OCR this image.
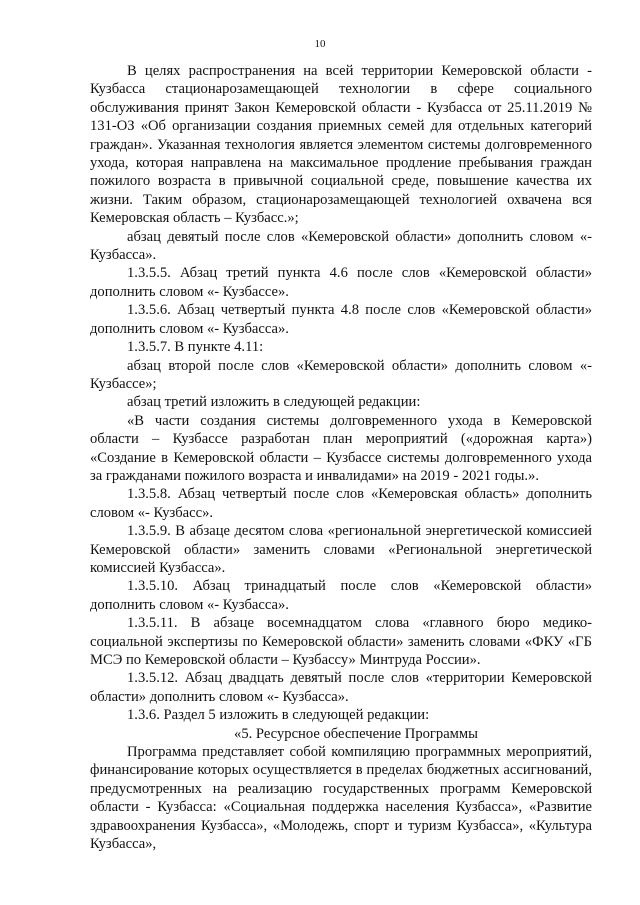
10

В целях распространения на всей территории Кемеровской области - Кузбасса стационарозамещающей технологии в сфере социального обслуживания принят Закон Кемеровской области - Кузбасса от 25.11.2019 № 131-ОЗ «Об организации создания приемных семей для отдельных категорий граждан». Указанная технология является элементом системы долговременного ухода, которая направлена на максимальное продление пребывания граждан пожилого возраста в привычной социальной среде, повышение качества их жизни. Таким образом, стационарозамещающей технологией охвачена вся Кемеровская область – Кузбасс.»;

абзац девятый после слов «Кемеровской области» дополнить словом «- Кузбасса».

1.3.5.5. Абзац третий пункта 4.6 после слов «Кемеровской области» дополнить словом «- Кузбассе».

1.3.5.6. Абзац четвертый пункта 4.8 после слов «Кемеровской области» дополнить словом «- Кузбасса».

1.3.5.7. В пункте 4.11:

абзац второй после слов «Кемеровской области» дополнить словом «- Кузбассе»;

абзац третий изложить в следующей редакции:

«В части создания системы долговременного ухода в Кемеровской области – Кузбассе разработан план мероприятий («дорожная карта») «Создание в Кемеровской области – Кузбассе системы долговременного ухода за гражданами пожилого возраста и инвалидами» на 2019 - 2021 годы.».

1.3.5.8. Абзац четвертый после слов «Кемеровская область» дополнить словом «- Кузбасс».

1.3.5.9. В абзаце десятом слова «региональной энергетической комиссией Кемеровской области» заменить словами «Региональной энергетической комиссией Кузбасса».

1.3.5.10. Абзац тринадцатый после слов «Кемеровской области» дополнить словом «- Кузбасса».

1.3.5.11. В абзаце восемнадцатом слова «главного бюро медико-социальной экспертизы по Кемеровской области» заменить словами «ФКУ «ГБ МСЭ по Кемеровской области – Кузбассу» Минтруда России».

1.3.5.12. Абзац двадцать девятый после слов «территории Кемеровской области» дополнить словом «- Кузбасса».

1.3.6. Раздел 5 изложить в следующей редакции:

«5. Ресурсное обеспечение Программы

Программа представляет собой компиляцию программных мероприятий, финансирование которых осуществляется в пределах бюджетных ассигнований, предусмотренных на реализацию государственных программ Кемеровской области - Кузбасса: «Социальная поддержка населения Кузбасса», «Развитие здравоохранения Кузбасса», «Молодежь, спорт и туризм Кузбасса», «Культура Кузбасса»,
